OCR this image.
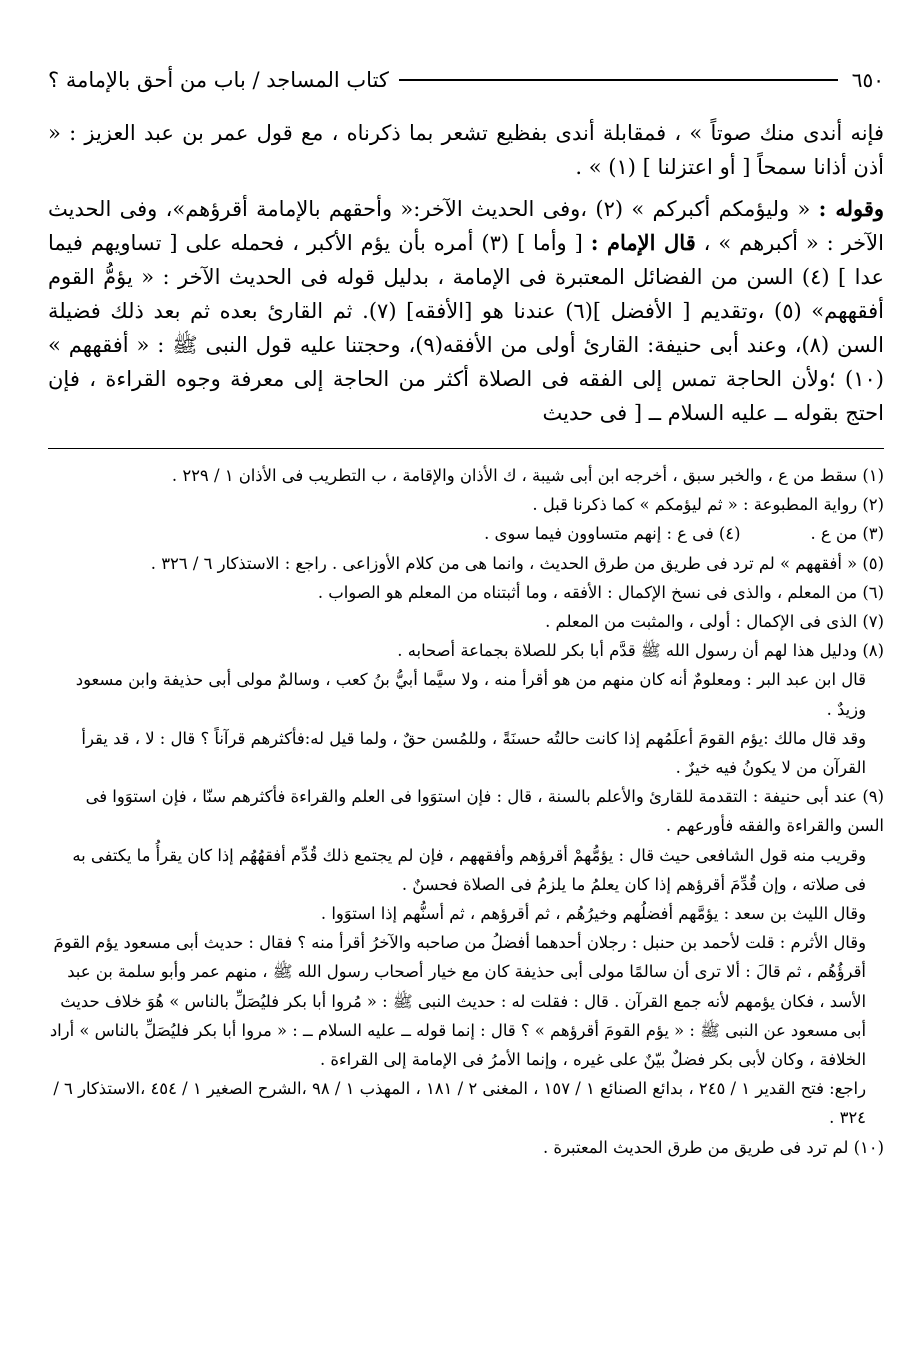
٦٥٠
كتاب المساجد / باب من أحق بالإمامة ؟

فإنه أندى منك صوتاً » ، فمقابلة أندى بفظيع تشعر بما ذكرناه ، مع قول عمر بن عبد العزيز : « أذن أذانا سمحاً [ أو اعتزلنا ] (١) » .

وقوله : « وليؤمكم أكبركم » (٢) ،وفى الحديث الآخر:« وأحقهم بالإمامة أقرؤهم»، وفى الحديث الآخر : « أكبرهم » ، قال الإمام : [ وأما ] (٣) أمره بأن يؤم الأكبر ، فحمله على [ تساويهم فيما عدا ] (٤) السن من الفضائل المعتبرة فى الإمامة ، بدليل قوله فى الحديث الآخر : « يؤمُّ القوم أفقههم» (٥) ،وتقديم [ الأفضل ](٦) عندنا هو [الأفقه] (٧). ثم القارئ بعده ثم بعد ذلك فضيلة السن (٨)، وعند أبى حنيفة: القارئ أولى من الأفقه(٩)، وحجتنا عليه قول النبى ﷺ : « أفقههم » (١٠) ؛ولأن الحاجة تمس إلى الفقه فى الصلاة أكثر من الحاجة إلى معرفة وجوه القراءة ، فإن احتج بقوله ــ عليه السلام ــ [ فى حديث

(١) سقط من ع ، والخبر سبق ، أخرجه ابن أبى شيبة ، ك الأذان والإقامة ، ب التطريب فى الأذان ١ / ٢٢٩ .

(٢) رواية المطبوعة : « ثم ليؤمكم » كما ذكرنا قبل .

(٣) من ع .

(٤) فى ع : إنهم متساوون فيما سوى .

(٥) « أفقههم » لم ترد فى طريق من طرق الحديث ، وانما هى من كلام الأوزاعى . راجع : الاستذكار ٦ / ٣٢٦ .

(٦) من المعلم ، والذى فى نسخ الإكمال : الأفقه ، وما أثبتناه من المعلم هو الصواب .

(٧) الذى فى الإكمال : أولى ، والمثبت من المعلم .

(٨) ودليل هذا لهم أن رسول الله ﷺ قدَّم أبا بكر للصلاة بجماعة أصحابه .

قال ابن عبد البر : ومعلومٌ أنه كان منهم من هو أقرأ منه ، ولا سيَّما أبيُّ بنُ كعب ، وسالمٌ مولى أبى حذيفة وابن مسعود وزيدٌ .

وقد قال مالك :يؤم القومَ أعلَمُهم إذا كانت حالتُه حسنَةً ، وللمُسن حقٌ ، ولما قيل له:فأكثرهم قرآناً ؟ قال : لا ، قد يقرأ القرآن من لا يكونُ فيه خيرٌ .

(٩) عند أبى حنيفة : التقدمة للقارئ والأعلم بالسنة ، قال : فإن استوَوا فى العلم والقراءة فأكثرهم سنّا ، فإن استوَوا فى السن والقراءة والفقه فأورعهم .

وقريب منه قول الشافعى حيث قال : يؤمُّهمْ أقرؤهم وأفقههم ، فإن لم يجتمع ذلك قُدِّم أفقهُهُم إذا كان يقرأُ ما يكتفى به فى صلاته ، وإن قُدِّمَ أقرؤهم إذا كان يعلمُ ما يلزمُ فى الصلاة فحسنٌ .

وقال الليث بن سعد : يؤمَّهم أفضلُهم وخيرُهُم ، ثم أقرؤهم ، ثم أسنُّهم إذا استوَوا .

وقال الأثرم : قلت لأحمد بن حنبل : رجلان أحدهما أفضلُ من صاحبه والآخرُ أقرأ منه ؟ فقال : حديث أبى مسعود يؤم القومَ أقرؤُهُم ، ثم قالَ : ألا ترى أن سالمًا مولى أبى حذيفة كان مع خيار أصحاب رسول الله ﷺ ، منهم عمر وأبو سلمة بن عبد الأسد ، فكان يؤمهم لأنه جمع القرآن . قال : فقلت له : حديث النبى ﷺ : « مُروا أبا بكر فليُصَلِّ بالناس » هُوَ خلاف حديث أبى مسعود عن النبى ﷺ : « يؤم القومَ أقرؤهم » ؟ قال : إنما قوله ــ عليه السلام ــ : « مروا أبا بكر فليُصَلِّ بالناس » أراد الخلافة ، وكان لأبى بكر فضلٌ بيّنٌ على غيره ، وإنما الأمرُ فى الإمامة إلى القراءة .

راجع: فتح القدير ١ / ٢٤٥ ، بدائع الصنائع ١ / ١٥٧ ، المغنى ٢ / ١٨١ ، المهذب ١ / ٩٨ ،الشرح الصغير ١ / ٤٥٤ ،الاستذكار ٦ / ٣٢٤ .

(١٠) لم ترد فى طريق من طرق الحديث المعتبرة .
